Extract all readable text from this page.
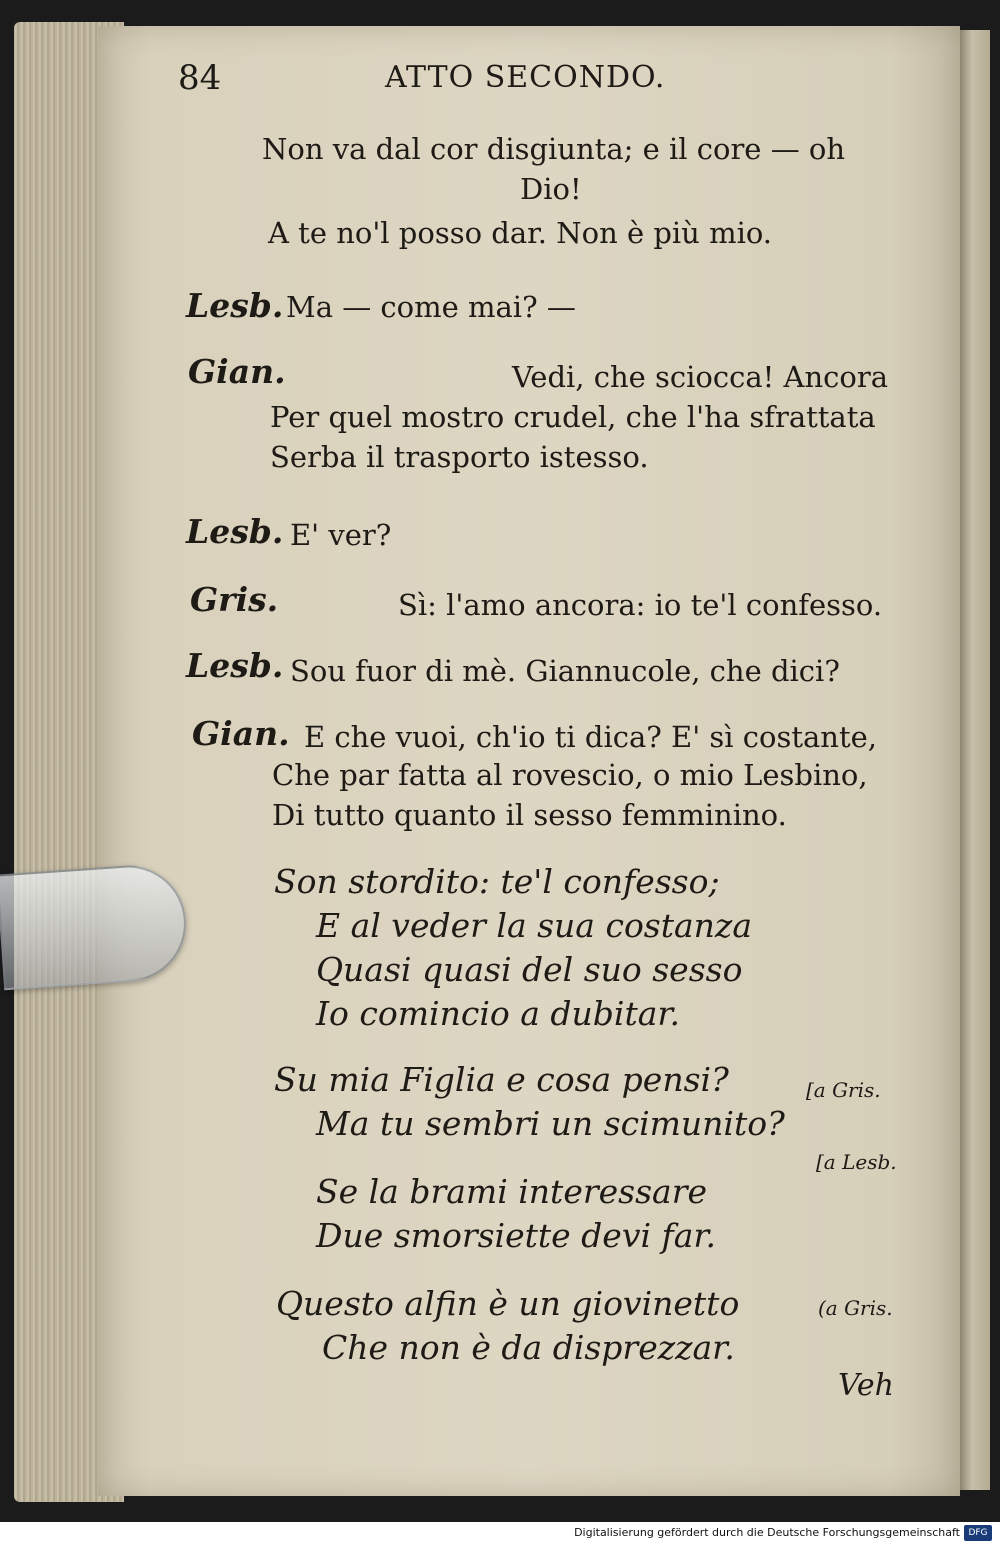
84	ATTO SECONDO.
Non va dal cor disgiunta; e il core — oh
Dio!
A te no'l posso dar. Non è più mio.
Lesb. Ma — come mai? —
Gian.	Vedi, che sciocca! Ancora
Per quel mostro crudel, che l'ha sfrattata
Serba il trasporto istesso.
Lesb. E' ver?
Gris.	Sì: l'amo ancora: io te'l confesso.
Lesb. Sou fuor di mè. Giannucole, che dici?
Gian. E che vuoi, ch'io ti dica? E' sì costante,
Che par fatta al rovescio, o mio Lesbino,
Di tutto quanto il sesso femminino.
Son stordito: te'l confesso;
E al veder la sua costanza
Quasi quasi del suo sesso
Io comincio a dubitar.
Su mia Figlia e cosa pensi?	[a Gris.
Ma tu sembri un scimunito?
[a Lesb.
Se la brami interessare
Due smorsiette devi far.
Questo alfin è un giovinetto	(a Gris.
Che non è da disprezzar.
Veh
Digitalisierung gefördert durch die Deutsche Forschungsgemeinschaft DFG
